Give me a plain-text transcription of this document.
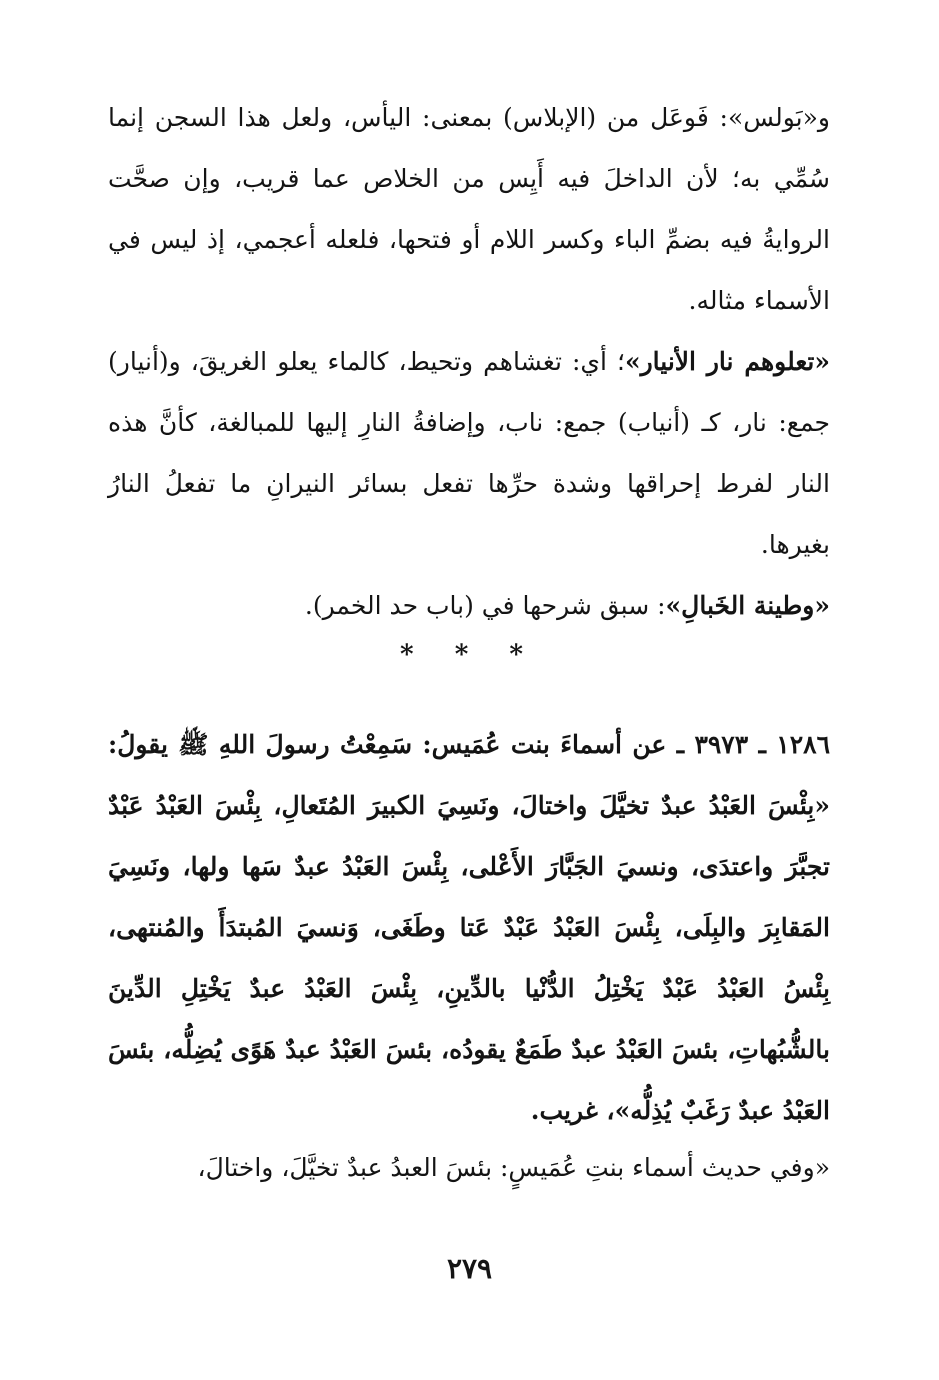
و«بَولس»: فَوعَل من (الإبلاس) بمعنى: اليأس، ولعل هذا السجن إنما سُمِّي به؛ لأن الداخلَ فيه أَيِس من الخلاص عما قريب، وإن صحَّت الروايةُ فيه بضمِّ الباء وكسر اللام أو فتحها، فلعله أعجمي، إذ ليس في الأسماء مثاله.

«تعلوهم نار الأنيار»؛ أي: تغشاهم وتحيط، كالماء يعلو الغريقَ، و(أنيار) جمع: نار، كـ (أنياب) جمع: ناب، وإضافةُ النارِ إليها للمبالغة، كأنَّ هذه النار لفرط إحراقها وشدة حرِّها تفعل بسائر النيرانِ ما تفعلُ النارُ بغيرها.

«وطينة الخَبالِ»: سبق شرحها في (باب حد الخمر).

* * *

١٢٨٦ ـ ٣٩٧٣ ـ عن أسماءَ بنت عُمَيس: سَمِعْتُ رسولَ اللهِ ﷺ يقولُ: «بِئْسَ العَبْدُ عبدٌ تخيَّلَ واختالَ، ونَسِيَ الكبيرَ المُتَعالِ، بِئْسَ العَبْدُ عَبْدٌ تجبَّرَ واعتدَى، ونسيَ الجَبَّارَ الأَعْلى، بِئْسَ العَبْدُ عبدٌ سَها ولها، ونَسِيَ المَقابِرَ والبِلَى، بِئْسَ العَبْدُ عَبْدٌ عَتا وطَغَى، وَنسيَ المُبتدَأَ والمُنتهى، بِئْسُ العَبْدُ عَبْدٌ يَخْتِلُ الدُّنْيا بالدِّينِ، بِئْسَ العَبْدُ عبدٌ يَخْتِلِ الدِّينَ بالشُّبُهاتِ، بئسَ العَبْدُ عبدٌ طَمَعٌ يقودُه، بئسَ العَبْدُ عبدٌ هَوًى يُضِلُّه، بئسَ العَبْدُ عبدٌ رَغَبٌ يُذِلُّه»، غريب.

«وفي حديث أسماء بنتِ عُمَيسٍ: بئسَ العبدُ عبدٌ تخيَّلَ، واختالَ،

٢٧٩
